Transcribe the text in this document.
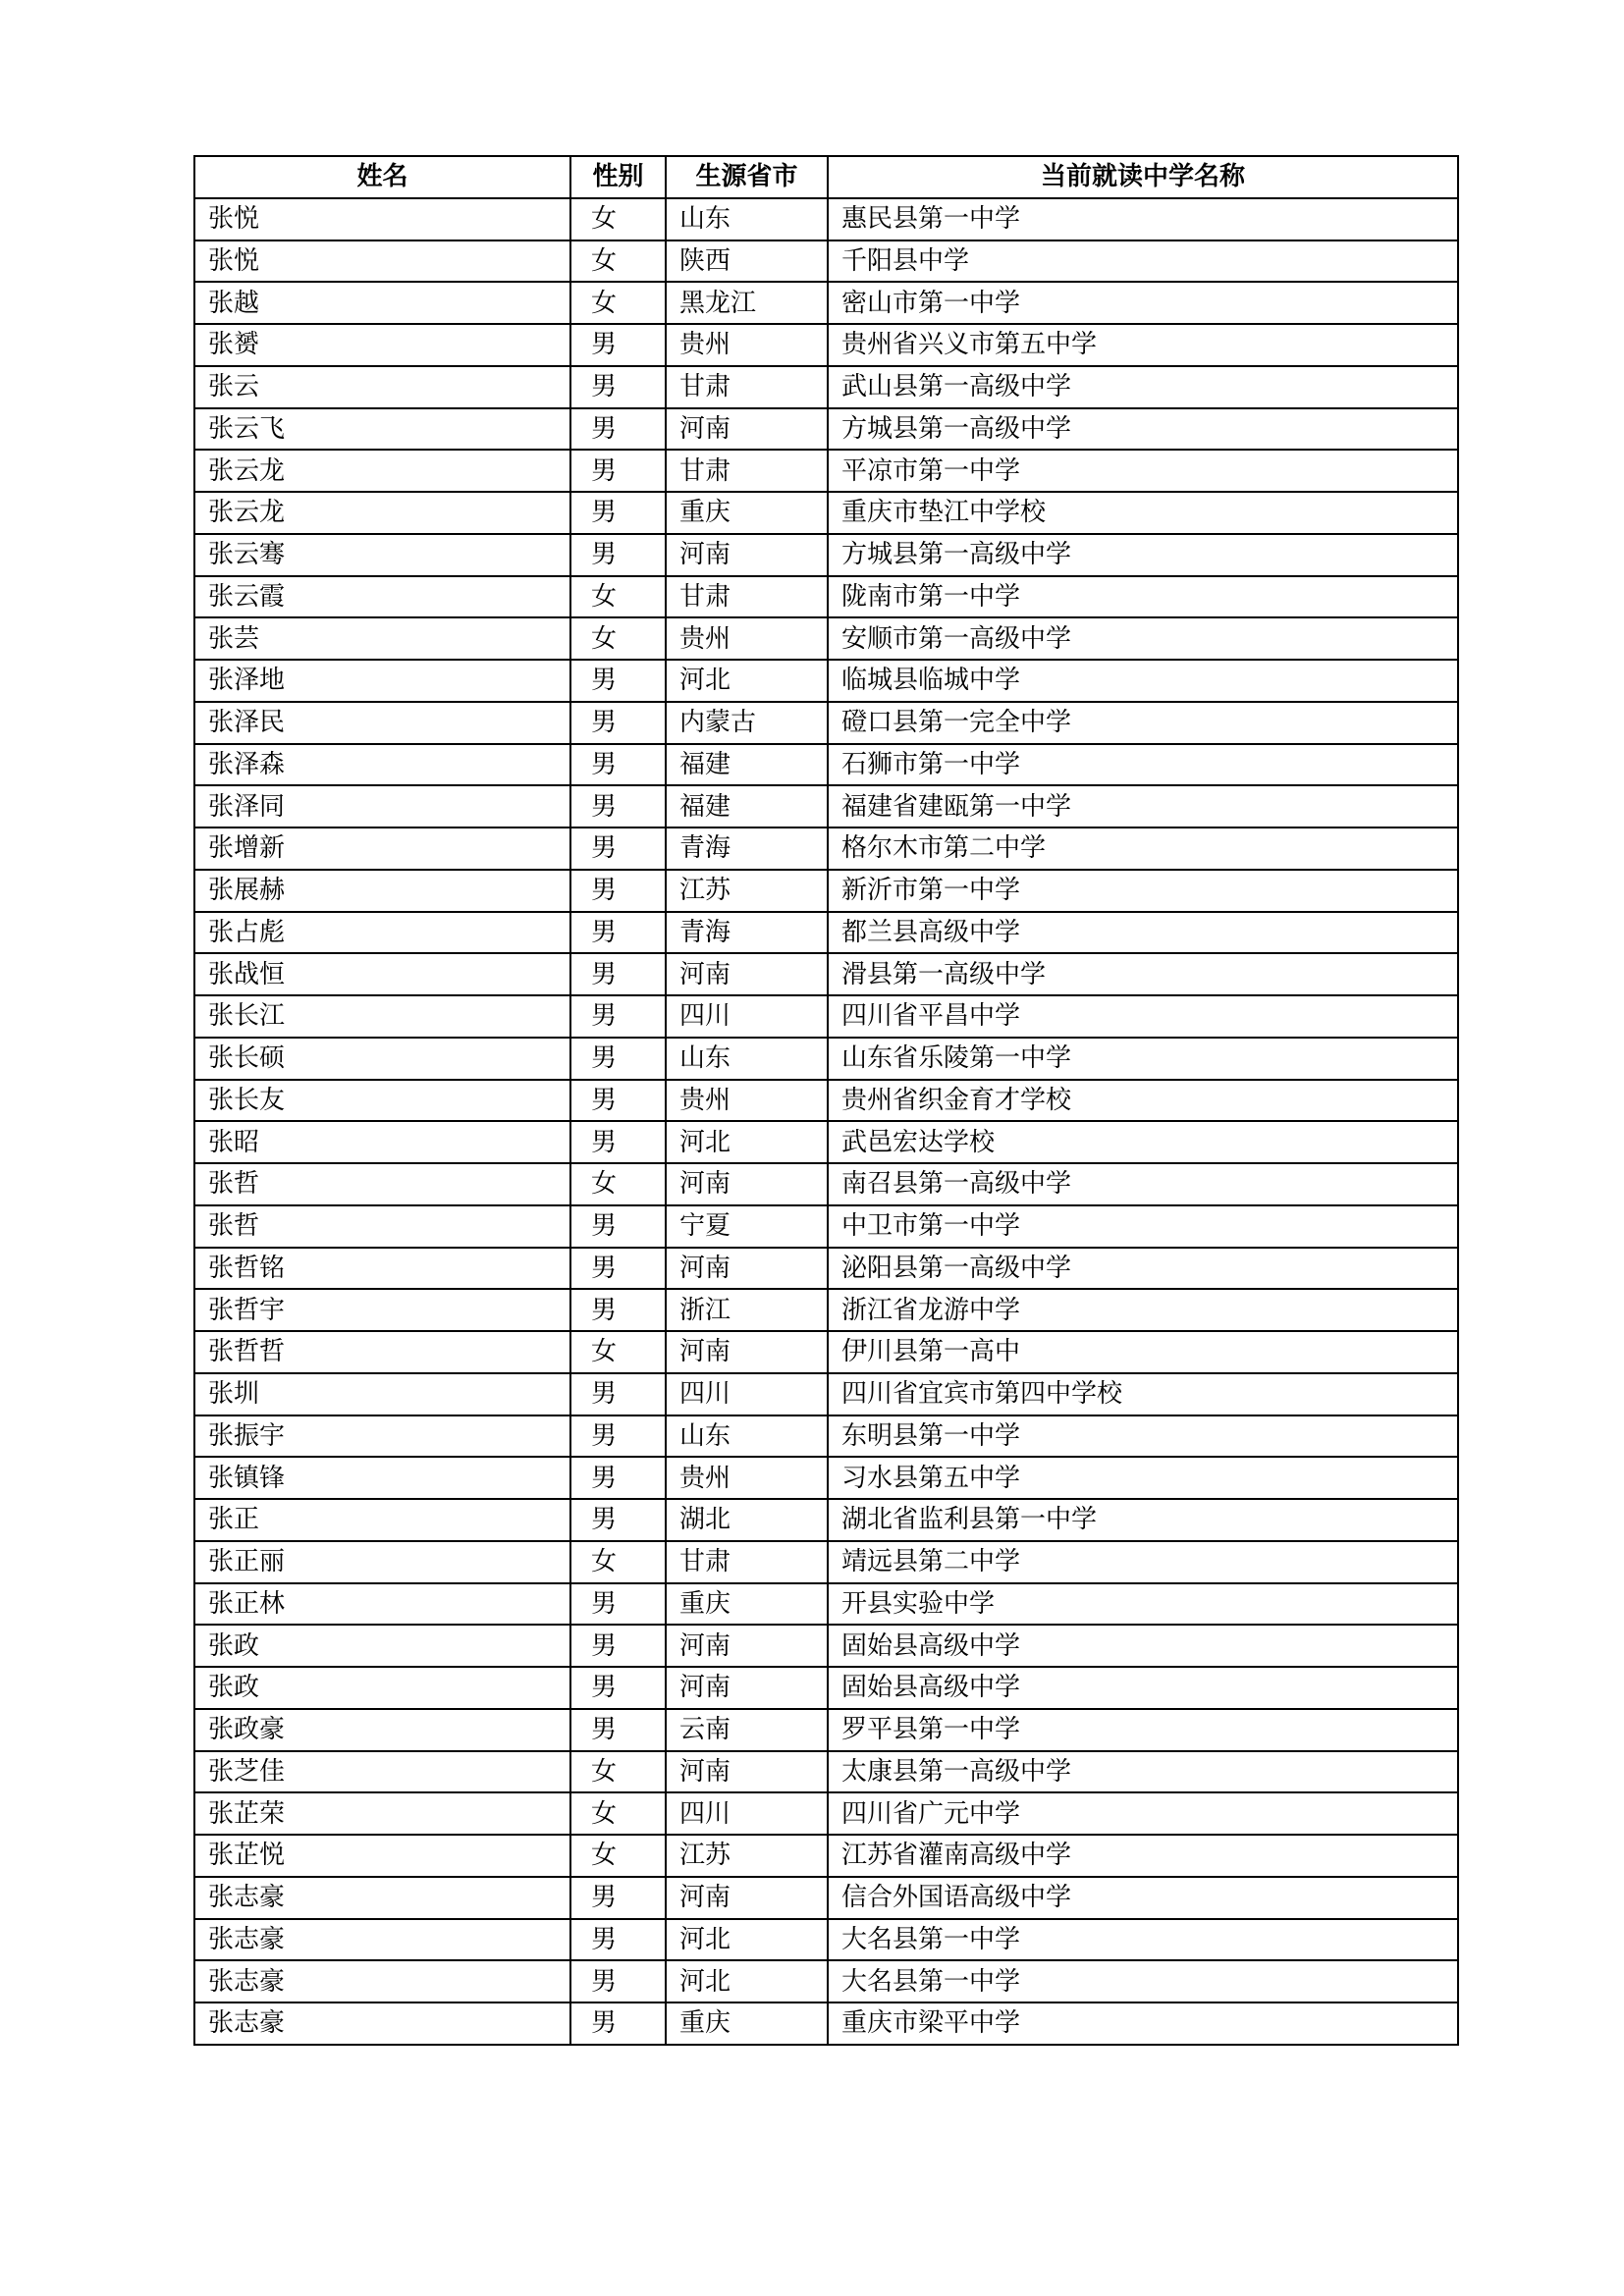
姓名	性别	生源省市	当前就读中学名称
张悦	女	山东	惠民县第一中学
张悦	女	陕西	千阳县中学
张越	女	黑龙江	密山市第一中学
张赟	男	贵州	贵州省兴义市第五中学
张云	男	甘肃	武山县第一高级中学
张云飞	男	河南	方城县第一高级中学
张云龙	男	甘肃	平凉市第一中学
张云龙	男	重庆	重庆市垫江中学校
张云骞	男	河南	方城县第一高级中学
张云霞	女	甘肃	陇南市第一中学
张芸	女	贵州	安顺市第一高级中学
张泽地	男	河北	临城县临城中学
张泽民	男	内蒙古	磴口县第一完全中学
张泽森	男	福建	石狮市第一中学
张泽同	男	福建	福建省建瓯第一中学
张增新	男	青海	格尔木市第二中学
张展赫	男	江苏	新沂市第一中学
张占彪	男	青海	都兰县高级中学
张战恒	男	河南	滑县第一高级中学
张长江	男	四川	四川省平昌中学
张长硕	男	山东	山东省乐陵第一中学
张长友	男	贵州	贵州省织金育才学校
张昭	男	河北	武邑宏达学校
张哲	女	河南	南召县第一高级中学
张哲	男	宁夏	中卫市第一中学
张哲铭	男	河南	泌阳县第一高级中学
张哲宇	男	浙江	浙江省龙游中学
张哲哲	女	河南	伊川县第一高中
张圳	男	四川	四川省宜宾市第四中学校
张振宇	男	山东	东明县第一中学
张镇锋	男	贵州	习水县第五中学
张正	男	湖北	湖北省监利县第一中学
张正丽	女	甘肃	靖远县第二中学
张正林	男	重庆	开县实验中学
张政	男	河南	固始县高级中学
张政	男	河南	固始县高级中学
张政豪	男	云南	罗平县第一中学
张芝佳	女	河南	太康县第一高级中学
张芷荣	女	四川	四川省广元中学
张芷悦	女	江苏	江苏省灌南高级中学
张志豪	男	河南	信合外国语高级中学
张志豪	男	河北	大名县第一中学
张志豪	男	河北	大名县第一中学
张志豪	男	重庆	重庆市梁平中学
